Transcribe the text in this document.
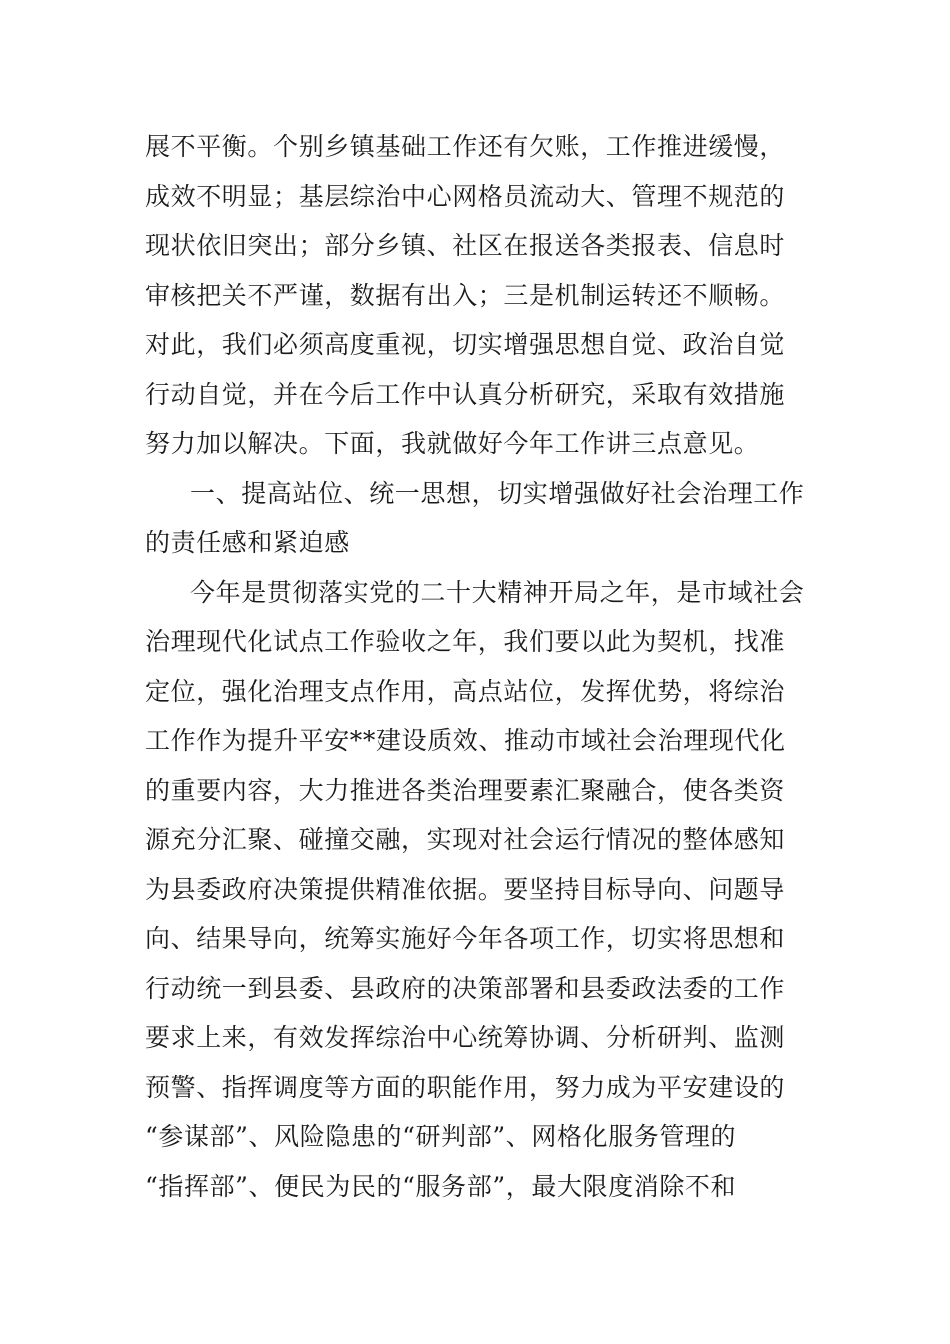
展不平衡。个别乡镇基础工作还有欠账，工作推进缓慢，
成效不明显；基层综治中心网格员流动大、管理不规范的
现状依旧突出；部分乡镇、社区在报送各类报表、信息时
审核把关不严谨，数据有出入；三是机制运转还不顺畅。
对此，我们必须高度重视，切实增强思想自觉、政治自觉
行动自觉，并在今后工作中认真分析研究，采取有效措施
努力加以解决。下面，我就做好今年工作讲三点意见。
一、提高站位、统一思想，切实增强做好社会治理工作
的责任感和紧迫感
今年是贯彻落实党的二十大精神开局之年，是市域社会
治理现代化试点工作验收之年，我们要以此为契机，找准
定位，强化治理支点作用，高点站位，发挥优势，将综治
工作作为提升平安**建设质效、推动市域社会治理现代化
的重要内容，大力推进各类治理要素汇聚融合，使各类资
源充分汇聚、碰撞交融，实现对社会运行情况的整体感知
为县委政府决策提供精准依据。要坚持目标导向、问题导
向、结果导向，统筹实施好今年各项工作，切实将思想和
行动统一到县委、县政府的决策部署和县委政法委的工作
要求上来，有效发挥综治中心统筹协调、分析研判、监测
预警、指挥调度等方面的职能作用，努力成为平安建设的
“参谋部”、风险隐患的“研判部”、网格化服务管理的
“指挥部”、便民为民的“服务部”，最大限度消除不和
